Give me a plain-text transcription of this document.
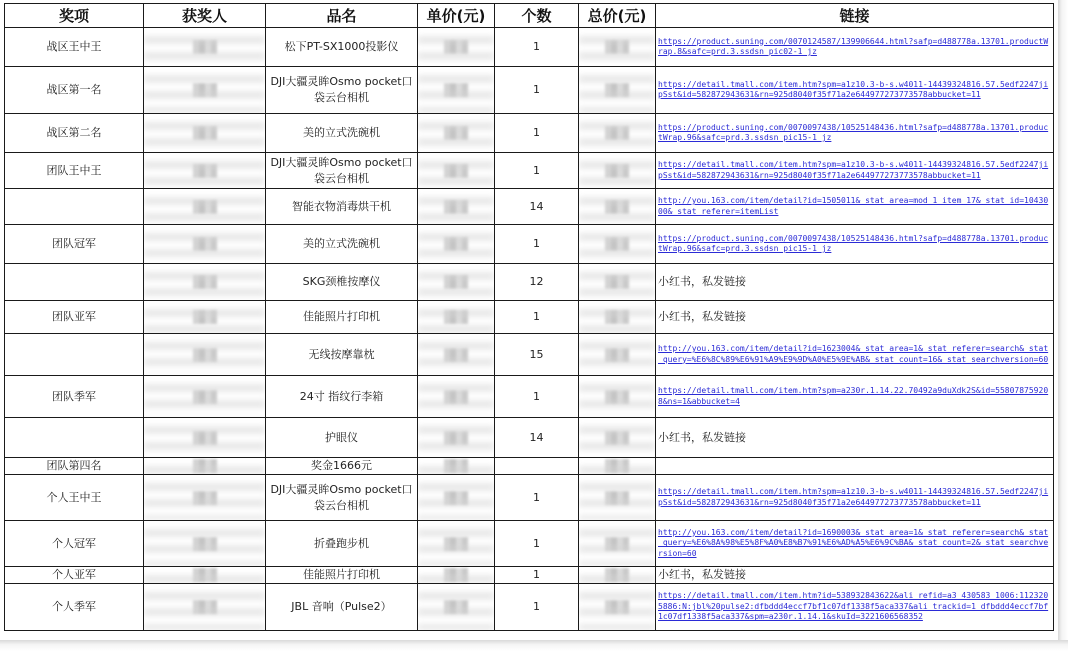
奖项	获奖人	品名	单价(元)	个数	总价(元)	链接
战区王中王		松下PT-SX1000投影仪		1		https://product.suning.com/0070124587/139906644.html?safp=d488778a.13701.productWrap.8&safc=prd.3.ssdsn_pic02-1_jz

战区第一名		DJI大疆灵眸Osmo pocket口袋云台相机		1		https://detail.tmall.com/item.htm?spm=a1z10.3-b-s.w4011-14439324816.57.5edf2247jipSst&id=582872943631&rn=925d8040f35f71a2e644977273773578abbucket=11

战区第二名		美的立式洗碗机		1		https://product.suning.com/0070097438/10525148436.html?safp=d488778a.13701.productWrap.96&safc=prd.3.ssdsn_pic15-1_jz

团队王中王		DJI大疆灵眸Osmo pocket口袋云台相机		1		https://detail.tmall.com/item.htm?spm=a1z10.3-b-s.w4011-14439324816.57.5edf2247jipSst&id=582872943631&rn=925d8040f35f71a2e644977273773578abbucket=11

	智能衣物消毒烘干机		14		http://you.163.com/item/detail?id=1505011&_stat_area=mod_1_item_17&_stat_id=1043000&_stat_referer=itemList

团队冠军		美的立式洗碗机		1		https://product.suning.com/0070097438/10525148436.html?safp=d488778a.13701.productWrap.96&safc=prd.3.ssdsn_pic15-1_jz

	SKG颈椎按摩仪		12		小红书，私发链接
团队亚军		佳能照片打印机		1		小红书，私发链接

	无线按摩靠枕		15		http://you.163.com/item/detail?id=1623004&_stat_area=1&_stat_referer=search&_stat_query=%E6%8C%89%E6%91%A9%E9%9D%A0%E5%9E%AB&_stat_count=16&_stat_searchversion=60

团队季军		24寸 指纹行李箱		1		https://detail.tmall.com/item.htm?spm=a230r.1.14.22.70492a9duXdk2S&id=558078759208&ns=1&abbucket=4

	护眼仪		14		小红书，私发链接
团队第四名		奖金1666元	

个人王中王		DJI大疆灵眸Osmo pocket口袋云台相机		1		https://detail.tmall.com/item.htm?spm=a1z10.3-b-s.w4011-14439324816.57.5edf2247jipSst&id=582872943631&rn=925d8040f35f71a2e644977273773578abbucket=11

个人冠军		折叠跑步机		1		http://you.163.com/item/detail?id=1690003&_stat_area=1&_stat_referer=search&_stat_query=%E6%8A%98%E5%8F%A0%E8%B7%91%E6%AD%A5%E6%9C%BA&_stat_count=2&_stat_searchversion=60

个人亚军		佳能照片打印机		1		小红书，私发链接
个人季军		JBL 音响（Pulse2）		1		https://detail.tmall.com/item.htm?id=538932843622&ali_refid=a3_430583_1006:1123205886:N:jbl%20pulse2:dfbddd4eccf7bf1c07df1338f5aca337&ali_trackid=1_dfbddd4eccf7bf1c07df1338f5aca337&spm=a230r.1.14.1&skuId=3221606568352
